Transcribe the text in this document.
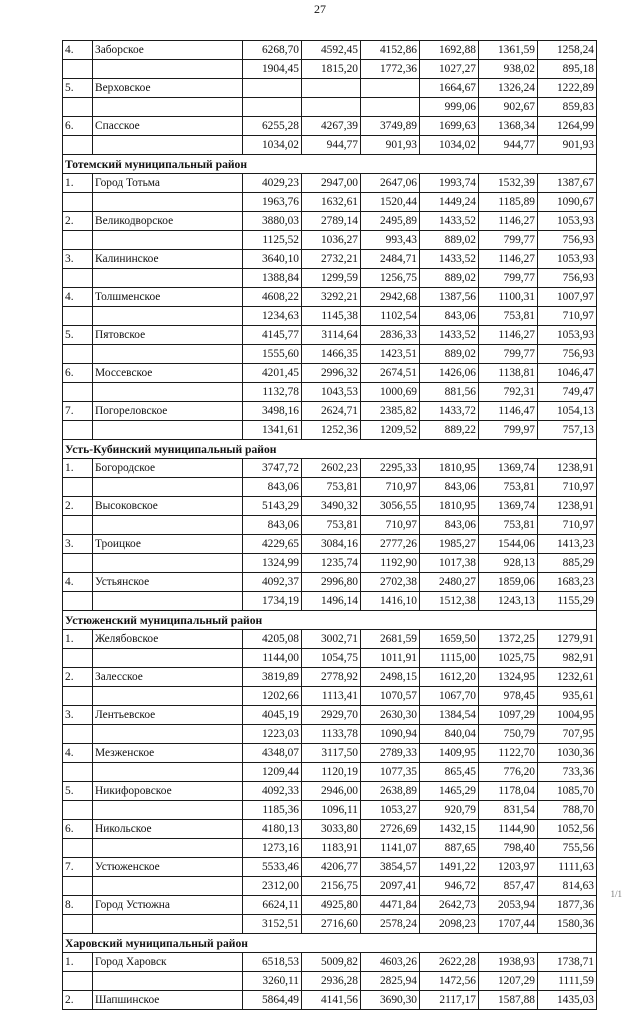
27
4.	Заборское	6268,70	4592,45	4152,86	1692,88	1361,59	1258,24
		1904,45	1815,20	1772,36	1027,27	938,02	895,18
5.	Верховское				1664,67	1326,24	1222,89
					999,06	902,67	859,83
6.	Спасское	6255,28	4267,39	3749,89	1699,63	1368,34	1264,99
		1034,02	944,77	901,93	1034,02	944,77	901,93
Тотемский муниципальный район							
1.	Город Тотьма	4029,23	2947,00	2647,06	1993,74	1532,39	1387,67
		1963,76	1632,61	1520,44	1449,24	1185,89	1090,67
2.	Великодворское	3880,03	2789,14	2495,89	1433,52	1146,27	1053,93
		1125,52	1036,27	993,43	889,02	799,77	756,93
3.	Калининское	3640,10	2732,21	2484,71	1433,52	1146,27	1053,93
		1388,84	1299,59	1256,75	889,02	799,77	756,93
4.	Толшменское	4608,22	3292,21	2942,68	1387,56	1100,31	1007,97
		1234,63	1145,38	1102,54	843,06	753,81	710,97
5.	Пятовское	4145,77	3114,64	2836,33	1433,52	1146,27	1053,93
		1555,60	1466,35	1423,51	889,02	799,77	756,93
6.	Моссевское	4201,45	2996,32	2674,51	1426,06	1138,81	1046,47
		1132,78	1043,53	1000,69	881,56	792,31	749,47
7.	Погореловское	3498,16	2624,71	2385,82	1433,72	1146,47	1054,13
		1341,61	1252,36	1209,52	889,22	799,97	757,13
Усть-Кубинский муниципальный район							
1.	Богородское	3747,72	2602,23	2295,33	1810,95	1369,74	1238,91
		843,06	753,81	710,97	843,06	753,81	710,97
2.	Высоковское	5143,29	3490,32	3056,55	1810,95	1369,74	1238,91
		843,06	753,81	710,97	843,06	753,81	710,97
3.	Троицкое	4229,65	3084,16	2777,26	1985,27	1544,06	1413,23
		1324,99	1235,74	1192,90	1017,38	928,13	885,29
4.	Устьянское	4092,37	2996,80	2702,38	2480,27	1859,06	1683,23
		1734,19	1496,14	1416,10	1512,38	1243,13	1155,29
Устюженский муниципальный район							
1.	Желябовское	4205,08	3002,71	2681,59	1659,50	1372,25	1279,91
		1144,00	1054,75	1011,91	1115,00	1025,75	982,91
2.	Залесское	3819,89	2778,92	2498,15	1612,20	1324,95	1232,61
		1202,66	1113,41	1070,57	1067,70	978,45	935,61
3.	Лентьевское	4045,19	2929,70	2630,30	1384,54	1097,29	1004,95
		1223,03	1133,78	1090,94	840,04	750,79	707,95
4.	Мезженское	4348,07	3117,50	2789,33	1409,95	1122,70	1030,36
		1209,44	1120,19	1077,35	865,45	776,20	733,36
5.	Никифоровское	4092,33	2946,00	2638,89	1465,29	1178,04	1085,70
		1185,36	1096,11	1053,27	920,79	831,54	788,70
6.	Никольское	4180,13	3033,80	2726,69	1432,15	1144,90	1052,56
		1273,16	1183,91	1141,07	887,65	798,40	755,56
7.	Устюженское	5533,46	4206,77	3854,57	1491,22	1203,97	1111,63
		2312,00	2156,75	2097,41	946,72	857,47	814,63
8.	Город Устюжна	6624,11	4925,80	4471,84	2642,73	2053,94	1877,36
		3152,51	2716,60	2578,24	2098,23	1707,44	1580,36
Харовский муниципальный район							
1.	Город Харовск	6518,53	5009,82	4603,26	2622,28	1938,93	1738,71
		3260,11	2936,28	2825,94	1472,56	1207,29	1111,59
2.	Шапшинское	5864,49	4141,56	3690,30	2117,17	1587,88	1435,03
1/1
